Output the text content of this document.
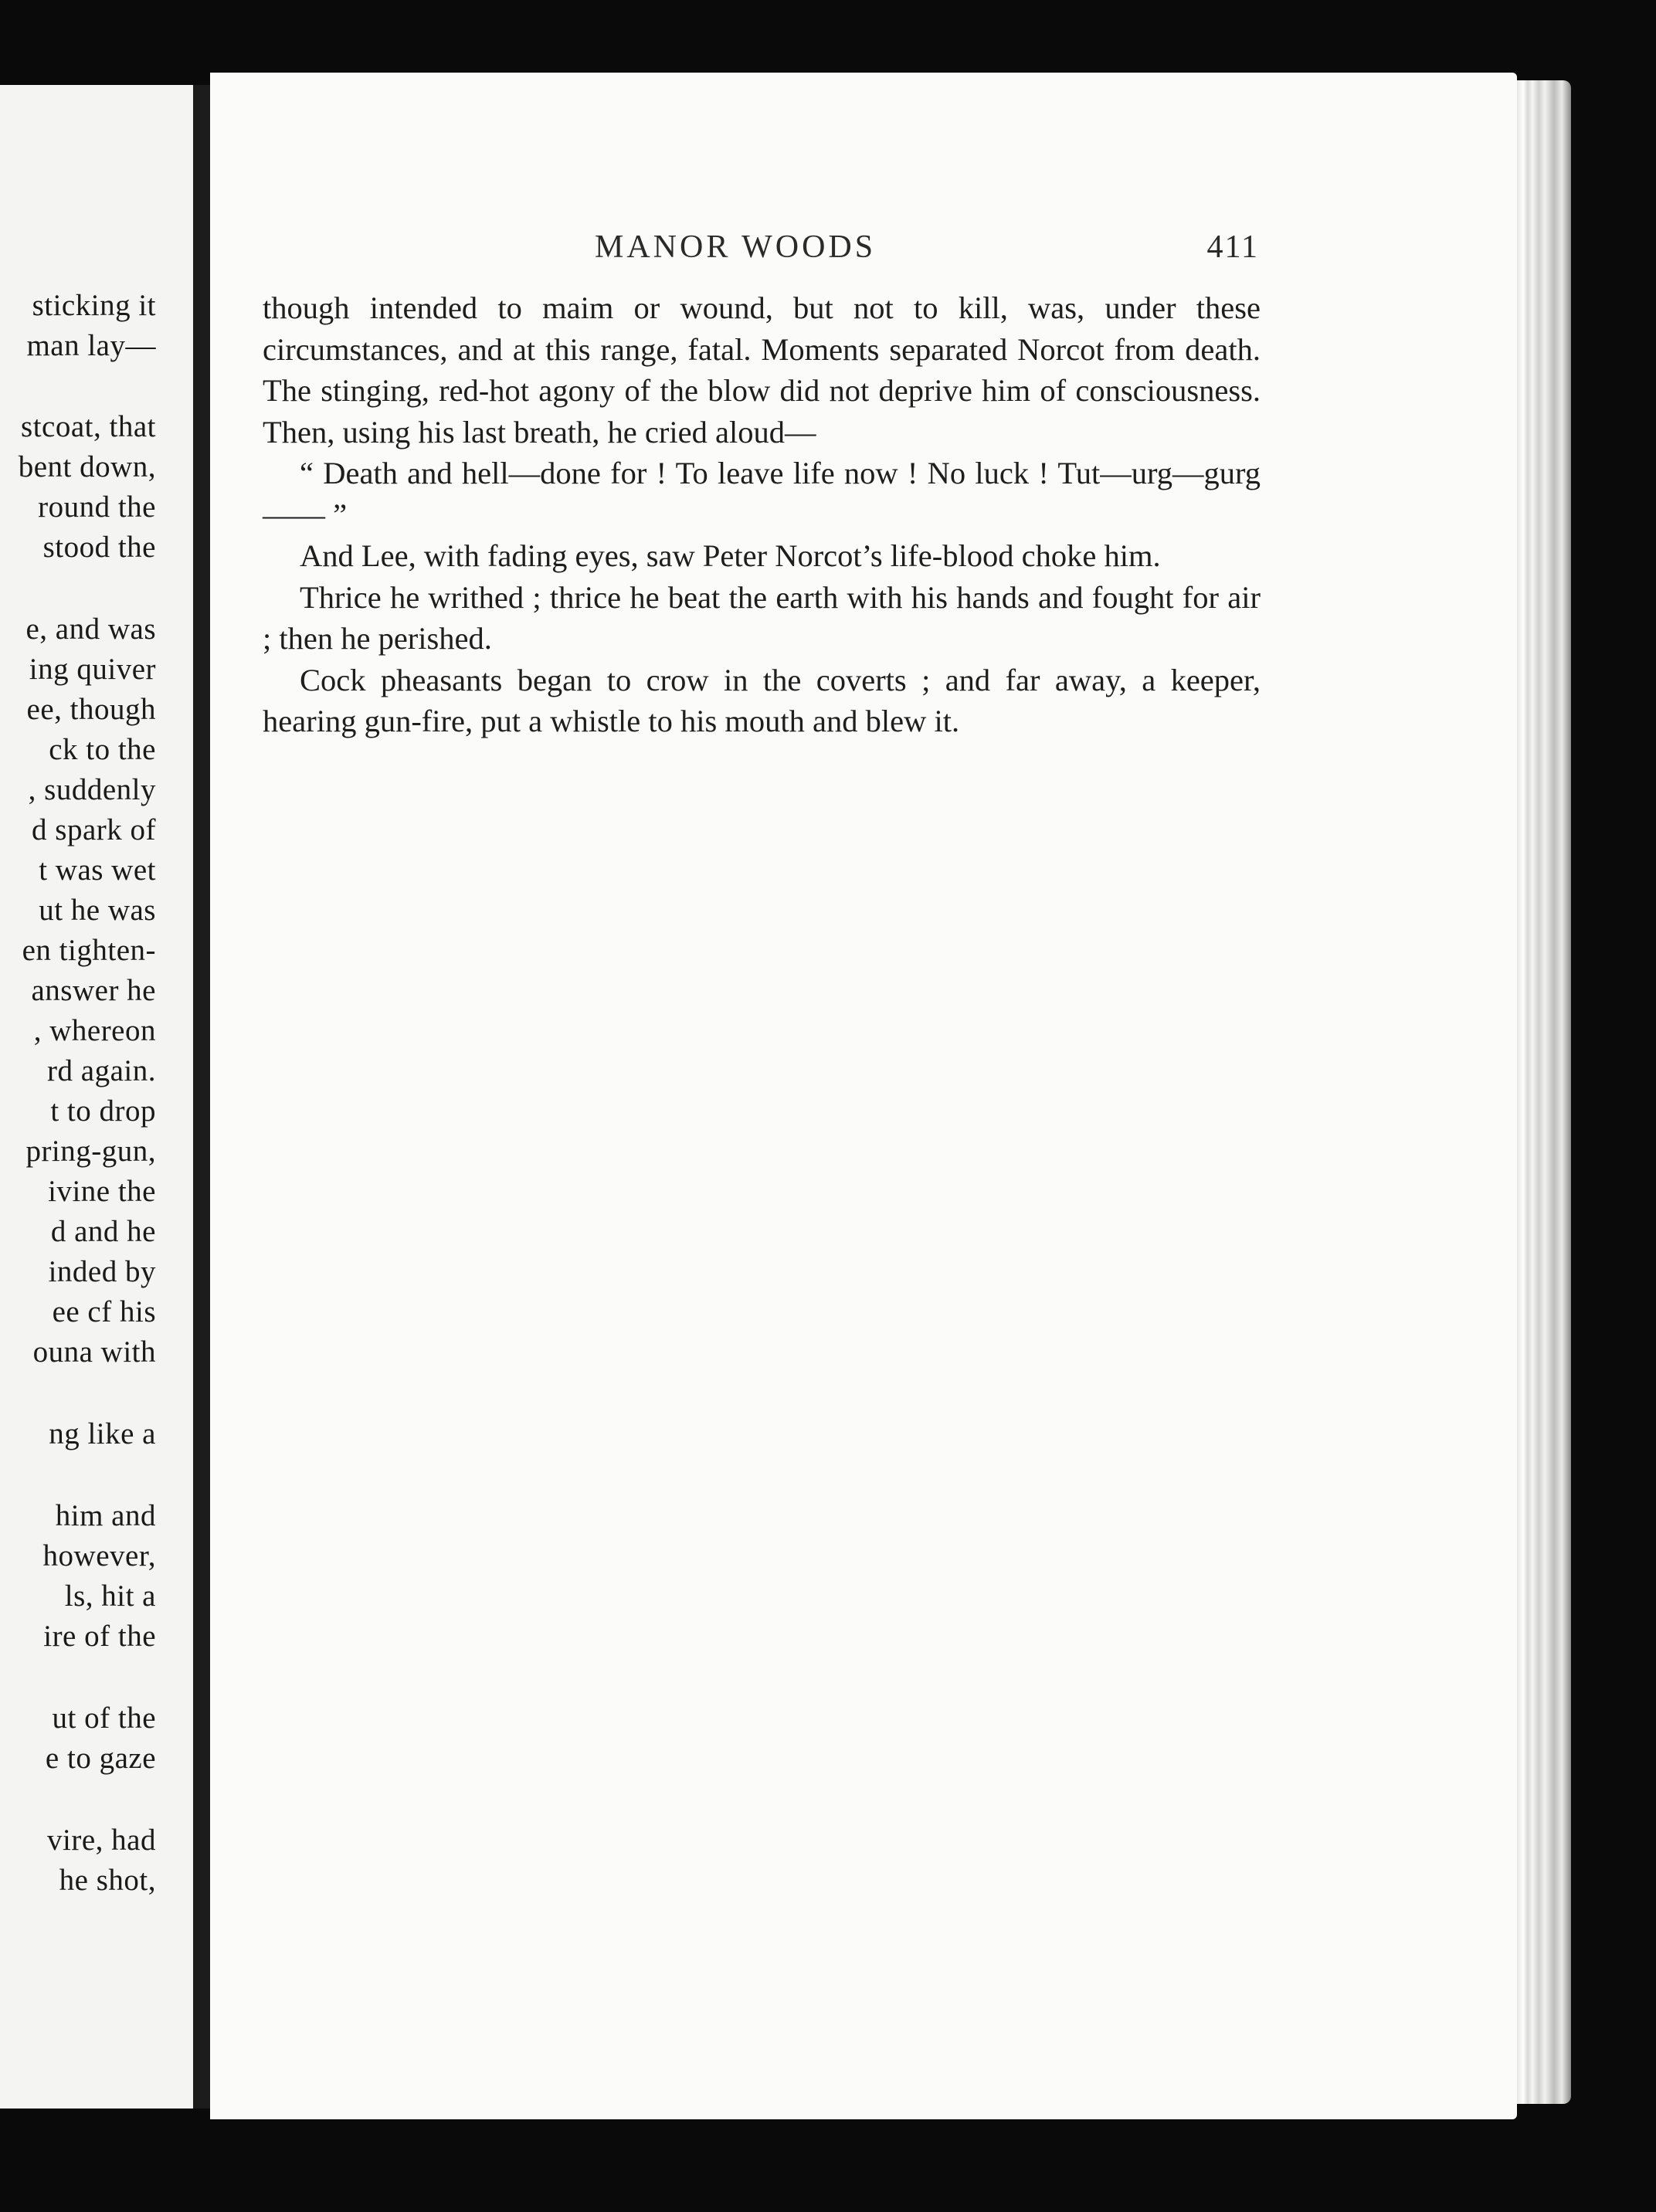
sticking it
man lay—
stcoat, that
bent down,
round the
stood the
e, and was
ing quiver
ee, though
ck to the
, suddenly
d spark of
t was wet
ut he was
en tighten-
answer he
, whereon
rd again.
t to drop
pring-gun,
ivine the
d and he
inded by
ee cf his
ouna with
ng like a
him and
however,
ls, hit a
ire of the
ut of the
e to gaze
vire, had
he shot,
MANOR WOODS	411

though intended to maim or wound, but not to kill, was, under these circumstances, and at this range, fatal. Moments separated Norcot from death. The stinging, red-hot agony of the blow did not deprive him of consciousness. Then, using his last breath, he cried aloud—

“ Death and hell—done for ! To leave life now ! No luck ! Tut—urg—gurg—— ”

And Lee, with fading eyes, saw Peter Norcot’s life-blood choke him.

Thrice he writhed ; thrice he beat the earth with his hands and fought for air ; then he perished.

Cock pheasants began to crow in the coverts ; and far away, a keeper, hearing gun-fire, put a whistle to his mouth and blew it.
